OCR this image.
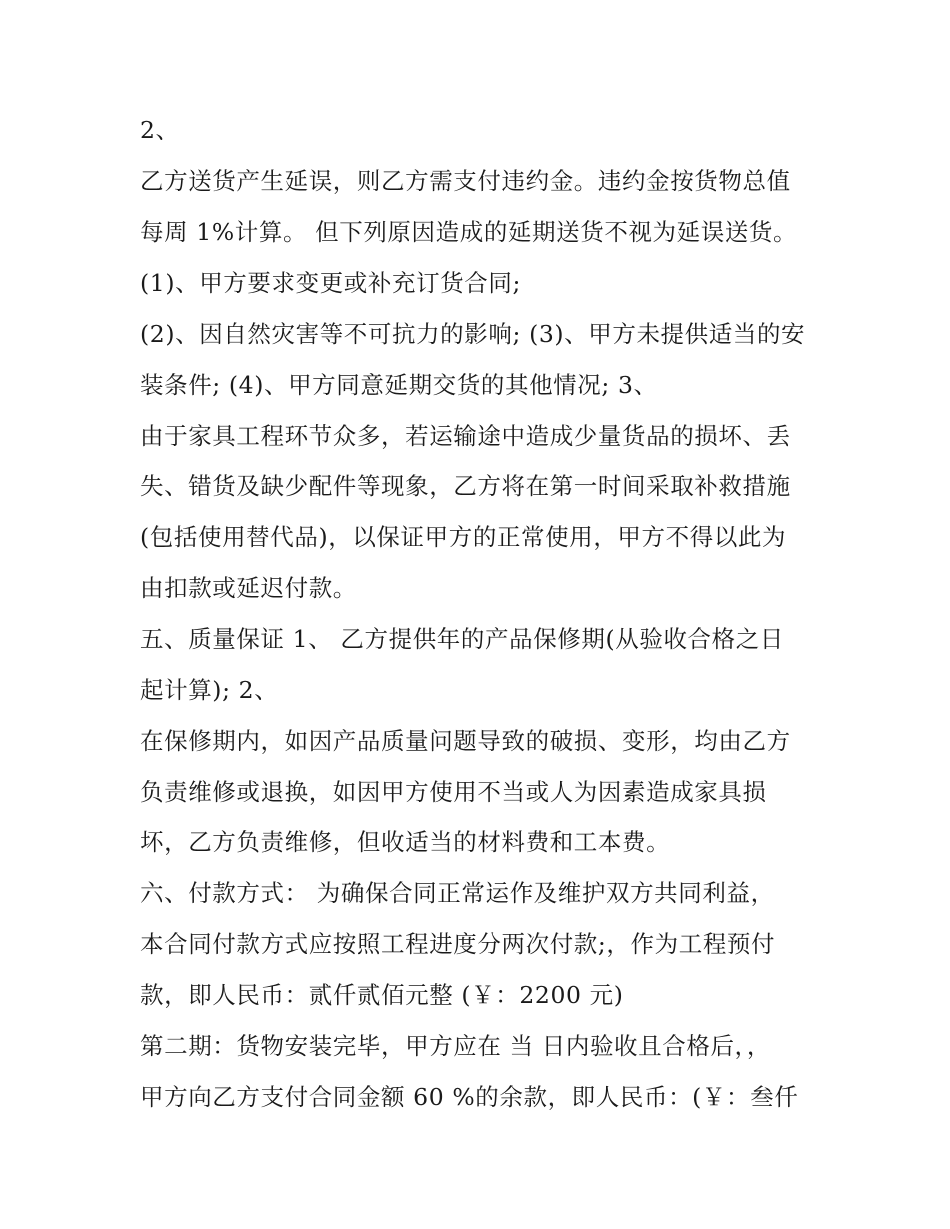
2、
乙方送货产生延误，则乙方需支付违约金。违约金按货物总值
每周 1%计算。 但下列原因造成的延期送货不视为延误送货。
(1)、甲方要求变更或补充订货合同;
(2)、因自然灾害等不可抗力的影响; (3)、甲方未提供适当的安
装条件; (4)、甲方同意延期交货的其他情况; 3、
由于家具工程环节众多，若运输途中造成少量货品的损坏、丢
失、错货及缺少配件等现象，乙方将在第一时间采取补救措施
(包括使用替代品)，以保证甲方的正常使用，甲方不得以此为
由扣款或延迟付款。
五、质量保证 1、 乙方提供年的产品保修期(从验收合格之日
起计算); 2、
在保修期内，如因产品质量问题导致的破损、变形，均由乙方
负责维修或退换，如因甲方使用不当或人为因素造成家具损
坏，乙方负责维修，但收适当的材料费和工本费。
六、付款方式： 为确保合同正常运作及维护双方共同利益，
本合同付款方式应按照工程进度分两次付款;，作为工程预付
款，即人民币：贰仟贰佰元整 (￥：2200 元)
第二期：货物安装完毕，甲方应在 当 日内验收且合格后，，
甲方向乙方支付合同金额 60 %的余款，即人民币：(￥：叁仟
